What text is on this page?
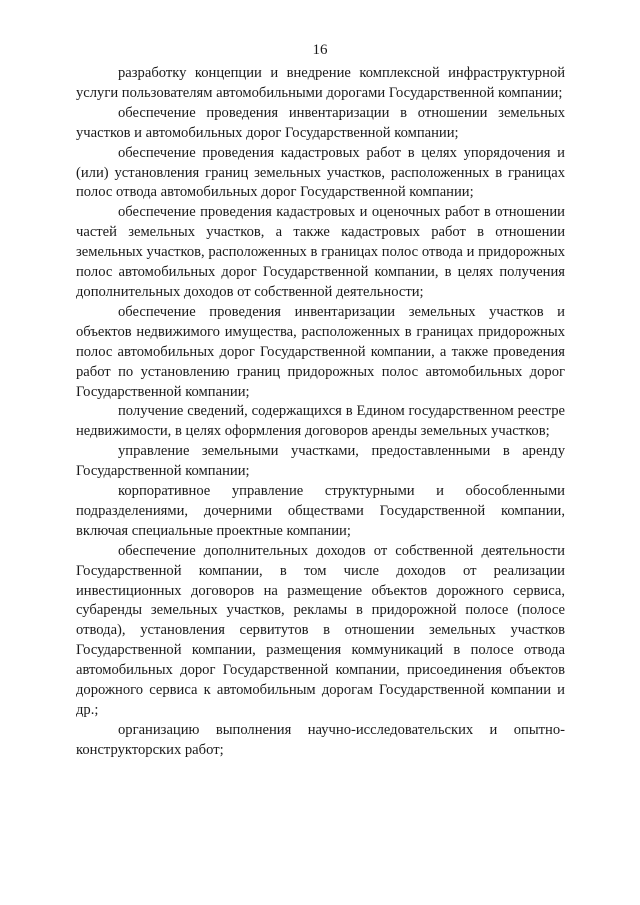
16

разработку концепции и внедрение комплексной инфраструктурной услуги пользователям автомобильными дорогами Государственной компании;

обеспечение проведения инвентаризации в отношении земельных участков и автомобильных дорог Государственной компании;

обеспечение проведения кадастровых работ в целях упорядочения и (или) установления границ земельных участков, расположенных в границах полос отвода автомобильных дорог Государственной компании;

обеспечение проведения кадастровых и оценочных работ в отношении частей земельных участков, а также кадастровых работ в отношении земельных участков, расположенных в границах полос отвода и придорожных полос автомобильных дорог Государственной компании, в целях получения дополнительных доходов от собственной деятельности;

обеспечение проведения инвентаризации земельных участков и объектов недвижимого имущества, расположенных в границах придорожных полос автомобильных дорог Государственной компании, а также проведения работ по установлению границ придорожных полос автомобильных дорог Государственной компании;

получение сведений, содержащихся в Едином государственном реестре недвижимости, в целях оформления договоров аренды земельных участков;

управление земельными участками, предоставленными в аренду Государственной компании;

корпоративное управление структурными и обособленными подразделениями, дочерними обществами Государственной компании, включая специальные проектные компании;

обеспечение дополнительных доходов от собственной деятельности Государственной компании, в том числе доходов от реализации инвестиционных договоров на размещение объектов дорожного сервиса, субаренды земельных участков, рекламы в придорожной полосе (полосе отвода), установления сервитутов в отношении земельных участков Государственной компании, размещения коммуникаций в полосе отвода автомобильных дорог Государственной компании, присоединения объектов дорожного сервиса к автомобильным дорогам Государственной компании и др.;

организацию выполнения научно-исследовательских и опытно-конструкторских работ;
